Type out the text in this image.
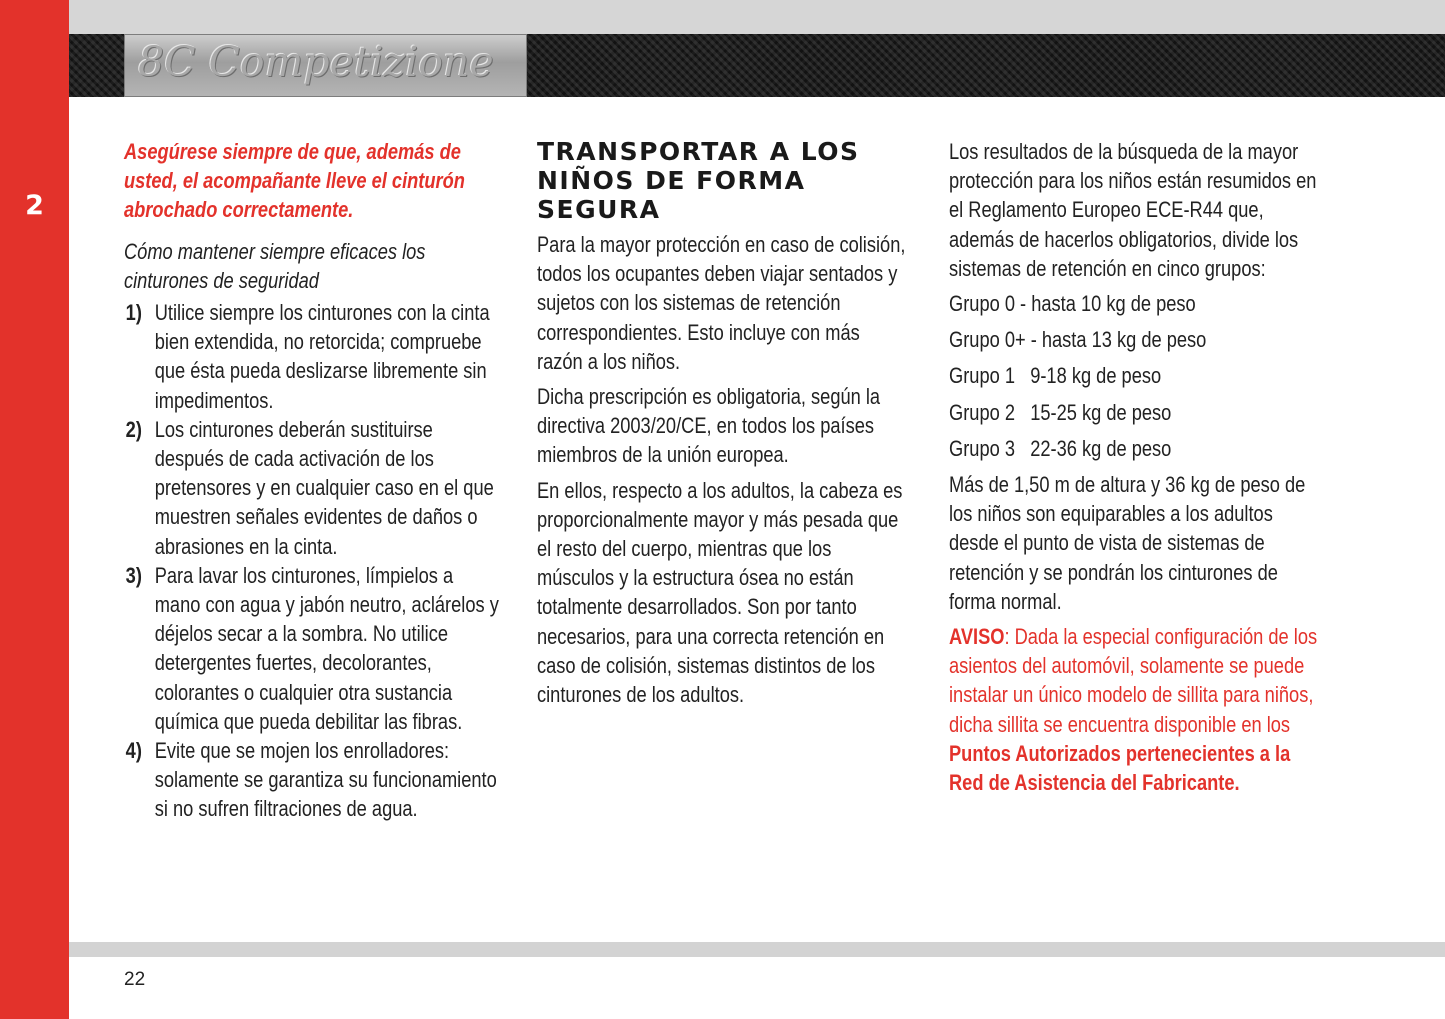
2
8C Competizione

Asegúrese siempre de que, además de usted, el acompañante lleve el cinturón abrochado correctamente.

Cómo mantener siempre eficaces los cinturones de seguridad

1) Utilice siempre los cinturones con la cinta bien extendida, no retorcida; compruebe que ésta pueda deslizarse libremente sin impedimentos.
2) Los cinturones deberán sustituirse después de cada activación de los pretensores y en cualquier caso en el que muestren señales evidentes de daños o abrasiones en la cinta.
3) Para lavar los cinturones, límpielos a mano con agua y jabón neutro, aclárelos y déjelos secar a la sombra. No utilice detergentes fuertes, decolorantes, colorantes o cualquier otra sustancia química que pueda debilitar las fibras.
4) Evite que se mojen los enrolladores: solamente se garantiza su funcionamiento si no sufren filtraciones de agua.
TRANSPORTAR A LOS NIÑOS DE FORMA SEGURA

Para la mayor protección en caso de colisión, todos los ocupantes deben viajar sentados y sujetos con los sistemas de retención correspondientes. Esto incluye con más razón a los niños.

Dicha prescripción es obligatoria, según la directiva 2003/20/CE, en todos los países miembros de la unión europea.

En ellos, respecto a los adultos, la cabeza es proporcionalmente mayor y más pesada que el resto del cuerpo, mientras que los músculos y la estructura ósea no están totalmente desarrollados. Son por tanto necesarios, para una correcta retención en caso de colisión, sistemas distintos de los cinturones de los adultos.

Los resultados de la búsqueda de la mayor protección para los niños están resumidos en el Reglamento Europeo ECE-R44 que, además de hacerlos obligatorios, divide los sistemas de retención en cinco grupos:

Grupo 0 - hasta 10 kg de peso

Grupo 0+ - hasta 13 kg de peso

Grupo 1   9-18 kg de peso

Grupo 2   15-25 kg de peso

Grupo 3   22-36 kg de peso

Más de 1,50 m de altura y 36 kg de peso de los niños son equiparables a los adultos desde el punto de vista de sistemas de retención y se pondrán los cinturones de forma normal.

AVISO: Dada la especial configuración de los asientos del automóvil, solamente se puede instalar un único modelo de sillita para niños, dicha sillita se encuentra disponible en los Puntos Autorizados pertenecientes a la Red de Asistencia del Fabricante.

22
